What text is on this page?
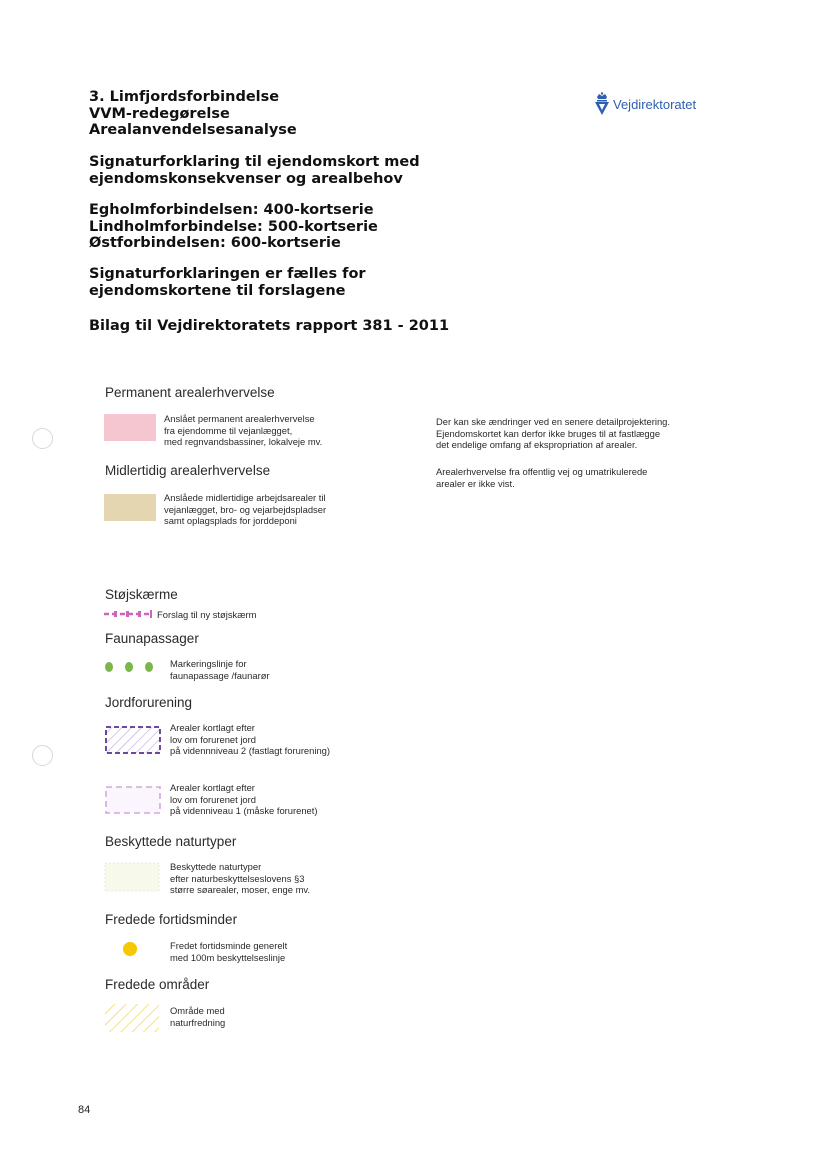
3. Limfjordsforbindelse
VVM-redegørelse
Arealanvendelsesanalyse
Signaturforklaring til ejendomskort med
ejendomskonsekvenser og arealbehov
Egholmforbindelsen: 400-kortserie
Lindholmforbindelse: 500-kortserie
Østforbindelsen: 600-kortserie
Signaturforklaringen er fælles for
ejendomskortene til forslagene
Bilag til Vejdirektoratets rapport 381 - 2011
Vejdirektoratet
Der kan ske ændringer ved en senere detailprojektering.
Ejendomskortet kan derfor ikke bruges til at fastlægge
det endelige omfang af ekspropriation af arealer.
Arealerhvervelse fra offentlig vej og umatrikulerede
arealer er ikke vist.
Permanent arealerhvervelse
Anslået permanent arealerhvervelse
fra ejendomme til vejanlægget,
med regnvandsbassiner, lokalveje mv.
Midlertidig arealerhvervelse
Anslåede midlertidige arbejdsarealer til
vejanlægget, bro- og vejarbejdspladser
samt oplagsplads for jorddeponi
Støjskærme
Forslag til ny støjskærm
Faunapassager
Markeringslinje for
faunapassage /faunarør
Jordforurening
Arealer kortlagt efter
lov om forurenet jord
på vidennniveau 2 (fastlagt forurening)
Arealer kortlagt efter
lov om forurenet jord
på videnniveau 1 (måske forurenet)
Beskyttede naturtyper
Beskyttede naturtyper
efter naturbeskyttelseslovens §3
større søarealer, moser, enge mv.
Fredede fortidsminder
Fredet fortidsminde generelt
med 100m beskyttelseslinje
Fredede områder
Område med
naturfredning
84
